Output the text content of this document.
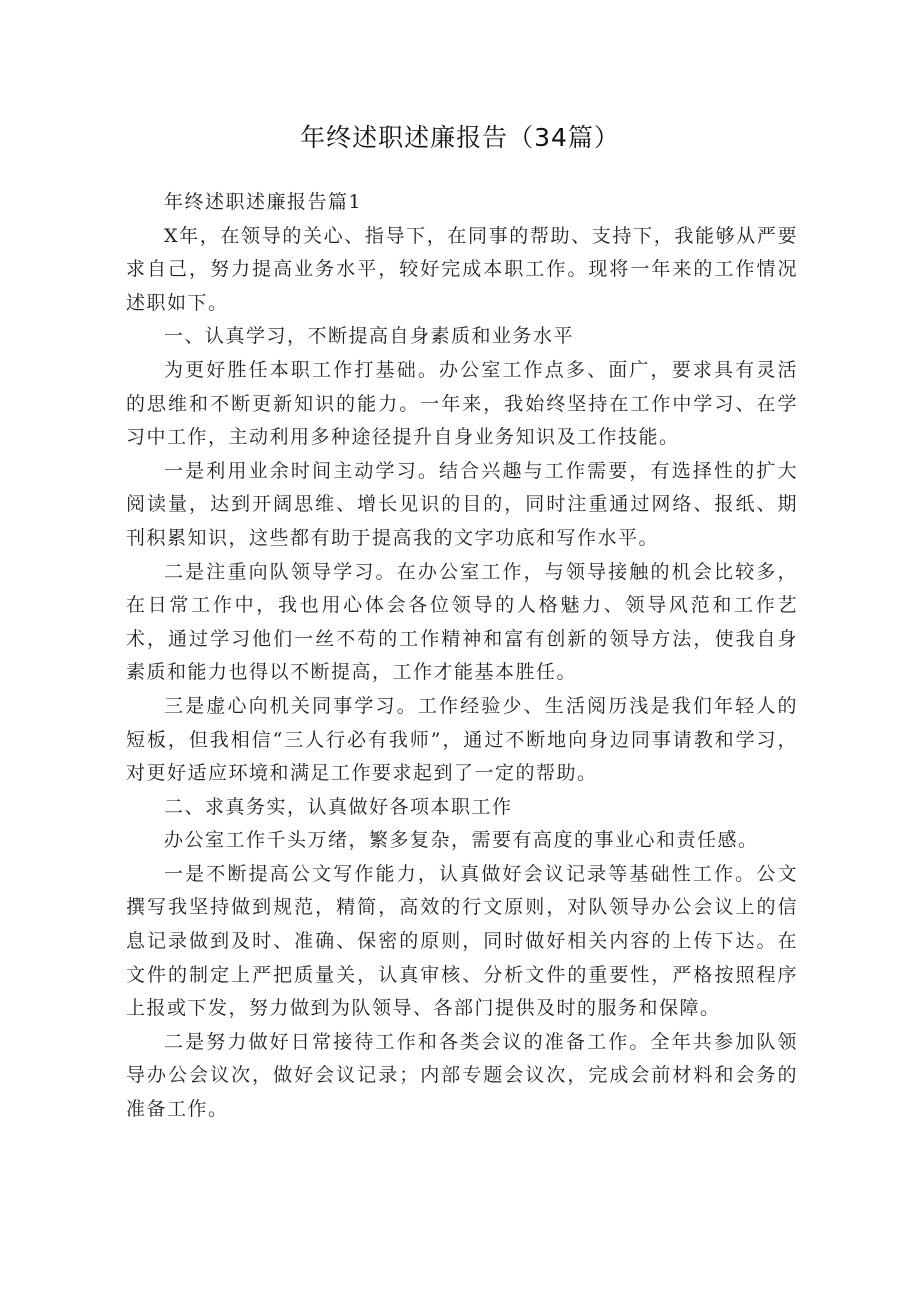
年终述职述廉报告（34篇）

年终述职述廉报告篇1

X年，在领导的关心、指导下，在同事的帮助、支持下，我能够从严要求自己，努力提高业务水平，较好完成本职工作。现将一年来的工作情况述职如下。

一、认真学习，不断提高自身素质和业务水平

为更好胜任本职工作打基础。办公室工作点多、面广，要求具有灵活的思维和不断更新知识的能力。一年来，我始终坚持在工作中学习、在学习中工作，主动利用多种途径提升自身业务知识及工作技能。

一是利用业余时间主动学习。结合兴趣与工作需要，有选择性的扩大阅读量，达到开阔思维、增长见识的目的，同时注重通过网络、报纸、期刊积累知识，这些都有助于提高我的文字功底和写作水平。

二是注重向队领导学习。在办公室工作，与领导接触的机会比较多，在日常工作中，我也用心体会各位领导的人格魅力、领导风范和工作艺术，通过学习他们一丝不苟的工作精神和富有创新的领导方法，使我自身素质和能力也得以不断提高，工作才能基本胜任。

三是虚心向机关同事学习。工作经验少、生活阅历浅是我们年轻人的短板，但我相信“三人行必有我师”，通过不断地向身边同事请教和学习，对更好适应环境和满足工作要求起到了一定的帮助。

二、求真务实，认真做好各项本职工作

办公室工作千头万绪，繁多复杂，需要有高度的事业心和责任感。

一是不断提高公文写作能力，认真做好会议记录等基础性工作。公文撰写我坚持做到规范，精简，高效的行文原则，对队领导办公会议上的信息记录做到及时、准确、保密的原则，同时做好相关内容的上传下达。在文件的制定上严把质量关，认真审核、分析文件的重要性，严格按照程序上报或下发，努力做到为队领导、各部门提供及时的服务和保障。

二是努力做好日常接待工作和各类会议的准备工作。全年共参加队领导办公会议次，做好会议记录；内部专题会议次，完成会前材料和会务的准备工作。
